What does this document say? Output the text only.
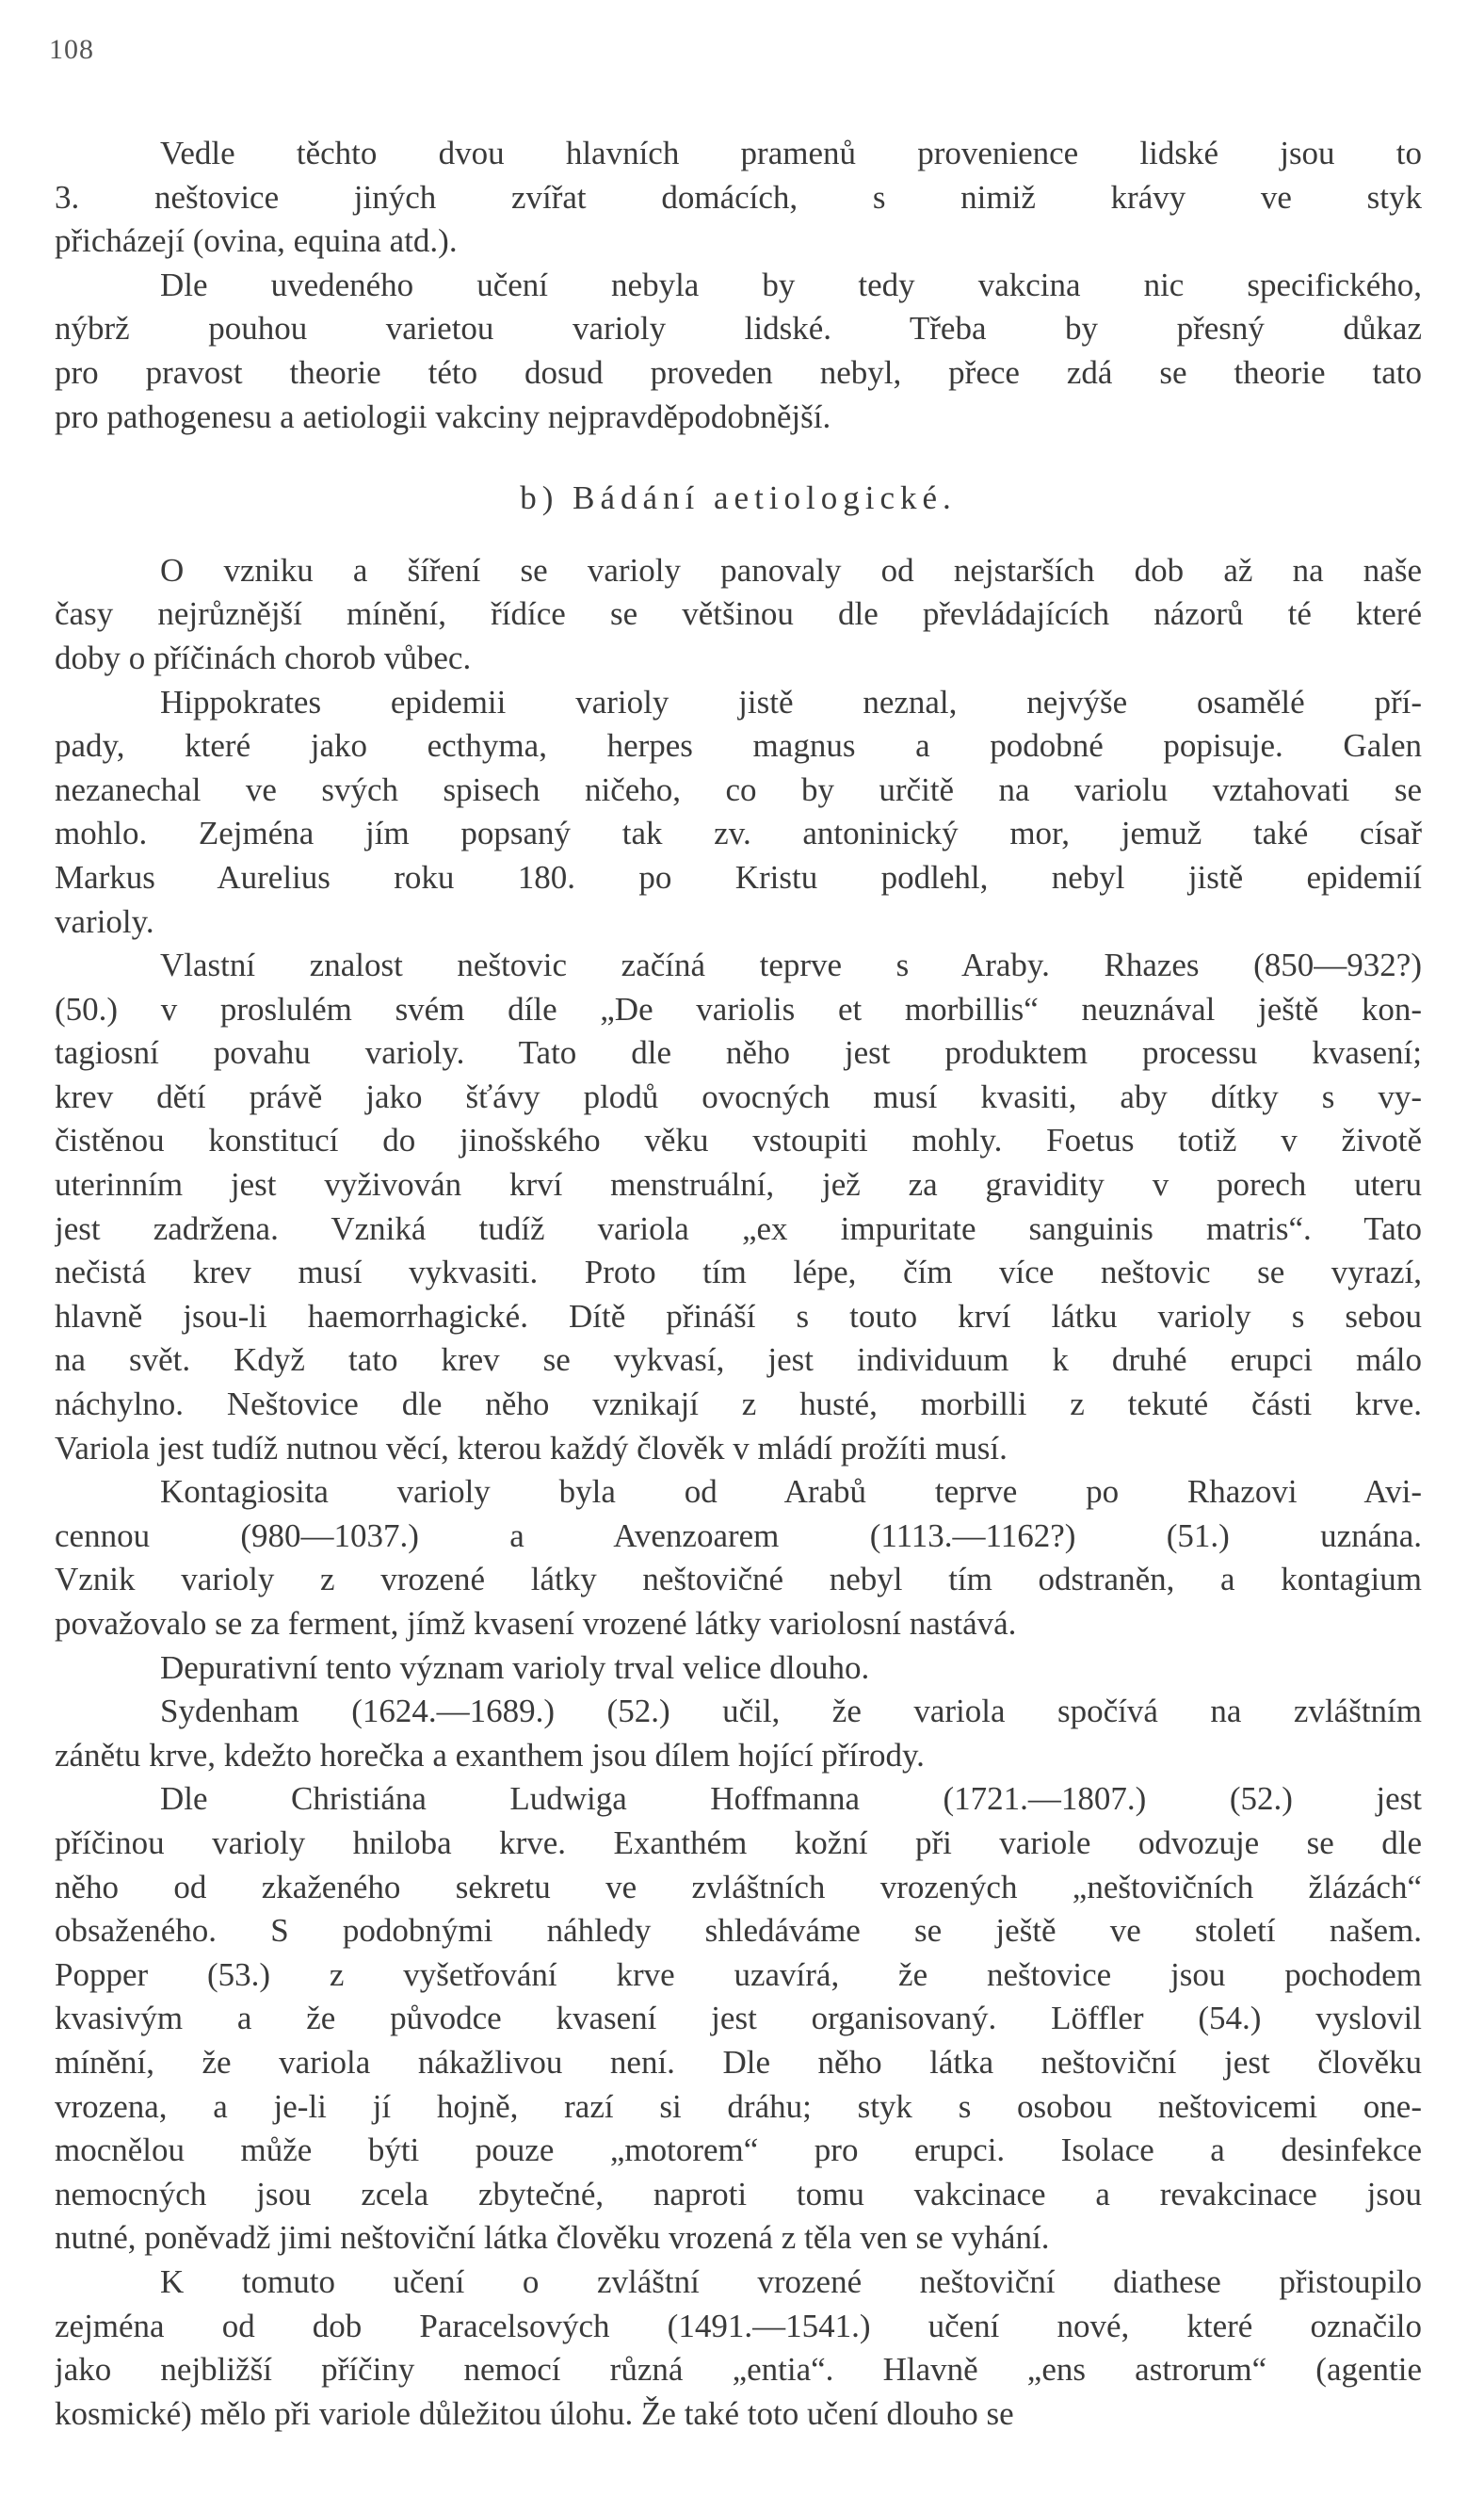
108
Vedle těchto dvou hlavních pramenů provenience lidské jsou to
3. neštovice jiných zvířat domácích, s nimiž krávy ve styk
přicházejí (ovina, equina atd.).
Dle uvedeného učení nebyla by tedy vakcina nic specifického,
nýbrž pouhou varietou varioly lidské. Třeba by přesný důkaz
pro pravost theorie této dosud proveden nebyl, přece zdá se theorie tato
pro pathogenesu a aetiologii vakciny nejpravděpodobnější.
b) Bádání aetiologické.
O vzniku a šíření se varioly panovaly od nejstarších dob až na naše
časy nejrůznější mínění, řídíce se většinou dle převládajících názorů té které
doby o příčinách chorob vůbec.
Hippokrates epidemii varioly jistě neznal, nejvýše osamělé pří-
pady, které jako ecthyma, herpes magnus a podobné popisuje. Galen
nezanechal ve svých spisech ničeho, co by určitě na variolu vztahovati se
mohlo. Zejména jím popsaný tak zv. antoninický mor, jemuž také císař
Markus Aurelius roku 180. po Kristu podlehl, nebyl jistě epidemií
varioly.
Vlastní znalost neštovic začíná teprve s Araby. Rhazes (850—932?)
(50.) v proslulém svém díle „De variolis et morbillis“ neuznával ještě kon-
tagiosní povahu varioly. Tato dle něho jest produktem processu kvasení;
krev dětí právě jako šťávy plodů ovocných musí kvasiti, aby dítky s vy-
čistěnou konstitucí do jinošského věku vstoupiti mohly. Foetus totiž v životě
uterinním jest vyživován krví menstruální, jež za gravidity v porech uteru
jest zadržena. Vzniká tudíž variola „ex impuritate sanguinis matris“. Tato
nečistá krev musí vykvasiti. Proto tím lépe, čím více neštovic se vyrazí,
hlavně jsou-li haemorrhagické. Dítě přináší s touto krví látku varioly s sebou
na svět. Když tato krev se vykvasí, jest individuum k druhé erupci málo
náchylno. Neštovice dle něho vznikají z husté, morbilli z tekuté části krve.
Variola jest tudíž nutnou věcí, kterou každý člověk v mládí prožíti musí.
Kontagiosita varioly byla od Arabů teprve po Rhazovi Avi-
cennou (980—1037.) a Avenzoarem (1113.—1162?) (51.) uznána.
Vznik varioly z vrozené látky neštovičné nebyl tím odstraněn, a kontagium
považovalo se za ferment, jímž kvasení vrozené látky variolosní nastává.
Depurativní tento význam varioly trval velice dlouho.
Sydenham (1624.—1689.) (52.) učil, že variola spočívá na zvláštním
zánětu krve, kdežto horečka a exanthem jsou dílem hojící přírody.
Dle Christiána Ludwiga Hoffmanna (1721.—1807.) (52.) jest
příčinou varioly hniloba krve. Exanthém kožní při variole odvozuje se dle
něho od zkaženého sekretu ve zvláštních vrozených „neštovičních žlázách“
obsaženého. S podobnými náhledy shledáváme se ještě ve století našem.
Popper (53.) z vyšetřování krve uzavírá, že neštovice jsou pochodem
kvasivým a že původce kvasení jest organisovaný. Löffler (54.) vyslovil
mínění, že variola nákažlivou není. Dle něho látka neštoviční jest člověku
vrozena, a je-li jí hojně, razí si dráhu; styk s osobou neštovicemi one-
mocnělou může býti pouze „motorem“ pro erupci. Isolace a desinfekce
nemocných jsou zcela zbytečné, naproti tomu vakcinace a revakcinace jsou
nutné, poněvadž jimi neštoviční látka člověku vrozená z těla ven se vyhání.
K tomuto učení o zvláštní vrozené neštoviční diathese přistoupilo
zejména od dob Paracelsových (1491.—1541.) učení nové, které označilo
jako nejbližší příčiny nemocí různá „entia“. Hlavně „ens astrorum“ (agentie
kosmické) mělo při variole důležitou úlohu. Že také toto učení dlouho se
